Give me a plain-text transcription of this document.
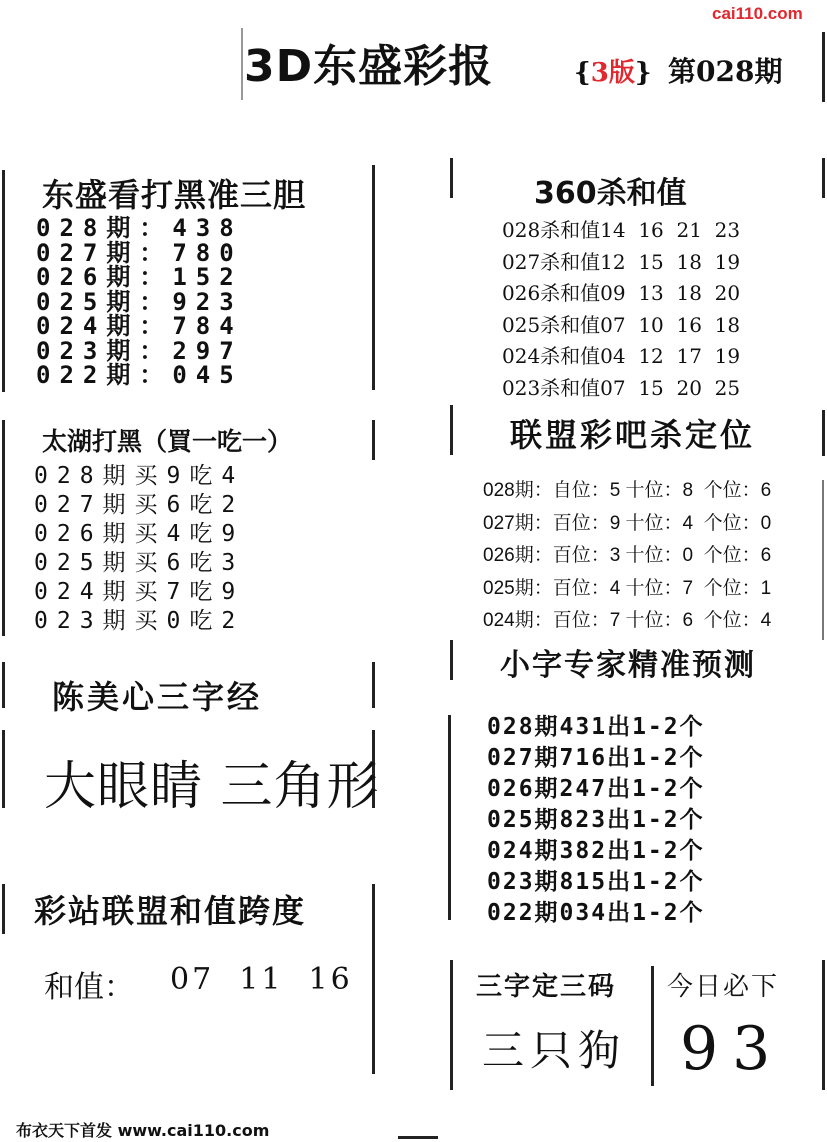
cai110.com
3D东盛彩报	{3版} 第028期
东盛看打黑准三胆
028期：438
027期：780
026期：152
025期：923
024期：784
023期：297
022期：045
太湖打黑（買一吃一）
028期买9吃4
027期买6吃2
026期买4吃9
025期买6吃3
024期买7吃9
023期买0吃2
陈美心三字经
大眼睛 三角形
彩站联盟和值跨度
和值： 07  11  16
360杀和值
028杀和值14  16  21  23
027杀和值12  15  18  19
026杀和值09  13  18  20
025杀和值07  10  16  18
024杀和值04  12  17  19
023杀和值07  15  20  25
联盟彩吧杀定位
028期：自位：5 十位：8  个位：6
027期：百位：9 十位：4  个位：0
026期：百位：3 十位：0  个位：6
025期：百位：4 十位：7  个位：1
024期：百位：7 十位：6  个位：4
小字专家精准预测
028期431出1-2个
027期716出1-2个
026期247出1-2个
025期823出1-2个
024期382出1-2个
023期815出1-2个
022期034出1-2个
三字定三码 今日必下
三只狗 93
布衣天下首发 www.cai110.com
